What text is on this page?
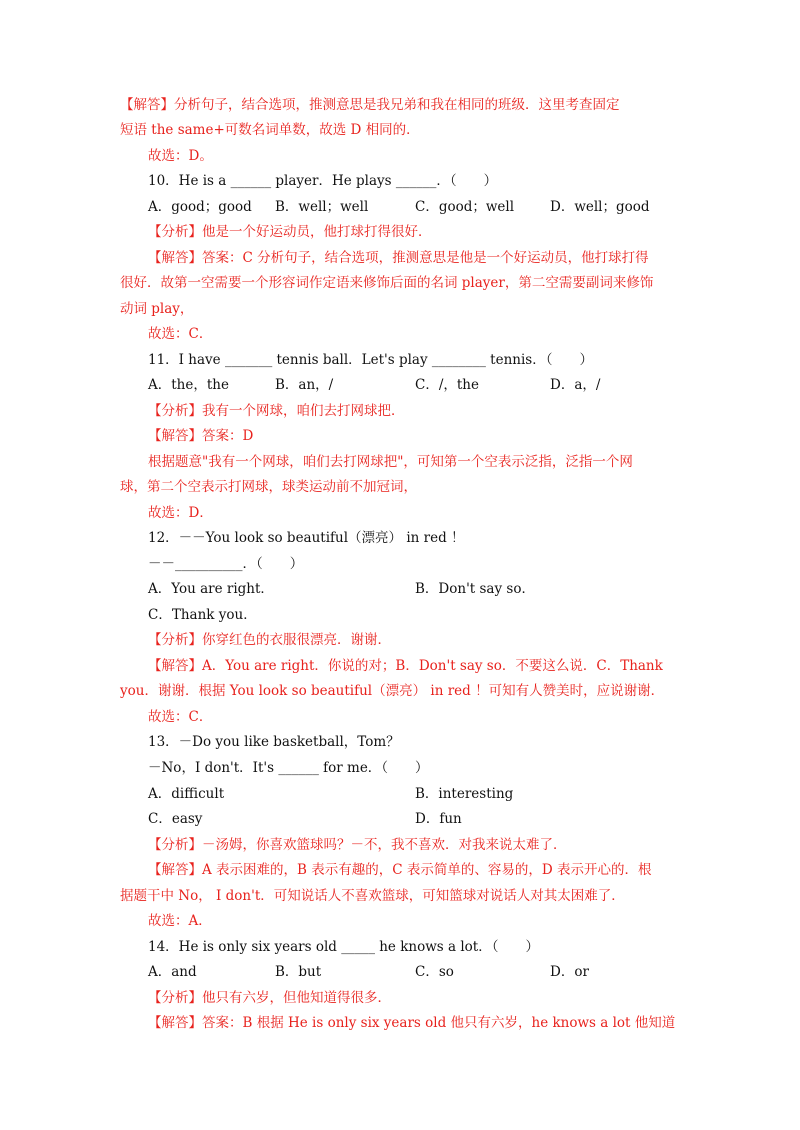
【解答】分析句子，结合选项，推测意思是我兄弟和我在相同的班级．这里考查固定
短语 the same+可数名词单数，故选 D 相同的．
故选：D。
10．He is a ______ player．He plays ______．（　　）
A．good；good B．well；well	C．good；well	D．well；good
【分析】他是一个好运动员，他打球打得很好．
【解答】答案：C 分析句子，结合选项，推测意思是他是一个好运动员，他打球打得
很好．故第一空需要一个形容词作定语来修饰后面的名词 player，第二空需要副词来修饰
动词 play，
故选：C．
11．I have _______ tennis ball．Let's play ________ tennis．（　　）
A．the，the	B．an，/	C．/，the	D．a，/
【分析】我有一个网球，咱们去打网球把．
【解答】答案：D
根据题意"我有一个网球，咱们去打网球把"，可知第一个空表示泛指，泛指一个网
球，第二个空表示打网球，球类运动前不加冠词，
故选：D．
12．－－You look so beautiful（漂亮） in red ！
－－__________．（　　）
A．You are right．	B．Don't say so．
C．Thank you．
【分析】你穿红色的衣服很漂亮．谢谢．
【解答】A．You are right．你说的对；B．Don't say so．不要这么说．C．Thank
you．谢谢．根据 You look so beautiful（漂亮） in red ！可知有人赞美时，应说谢谢．
故选：C．
13．－Do you like basketball，Tom？
－No，I don't．It's ______ for me．（　　）
A．difficult	B．interesting
C．easy	D．fun
【分析】－汤姆，你喜欢篮球吗？－不，我不喜欢．对我来说太难了．
【解答】A 表示困难的，B 表示有趣的，C 表示简单的、容易的，D 表示开心的．根
据题干中 No， I don't．可知说话人不喜欢篮球，可知篮球对说话人对其太困难了．
故选：A．
14．He is only six years old _____ he knows a lot．（　　）
A．and	B．but	C．so	D．or
【分析】他只有六岁，但他知道得很多．
【解答】答案：B 根据 He is only six years old 他只有六岁，he knows a lot 他知道
